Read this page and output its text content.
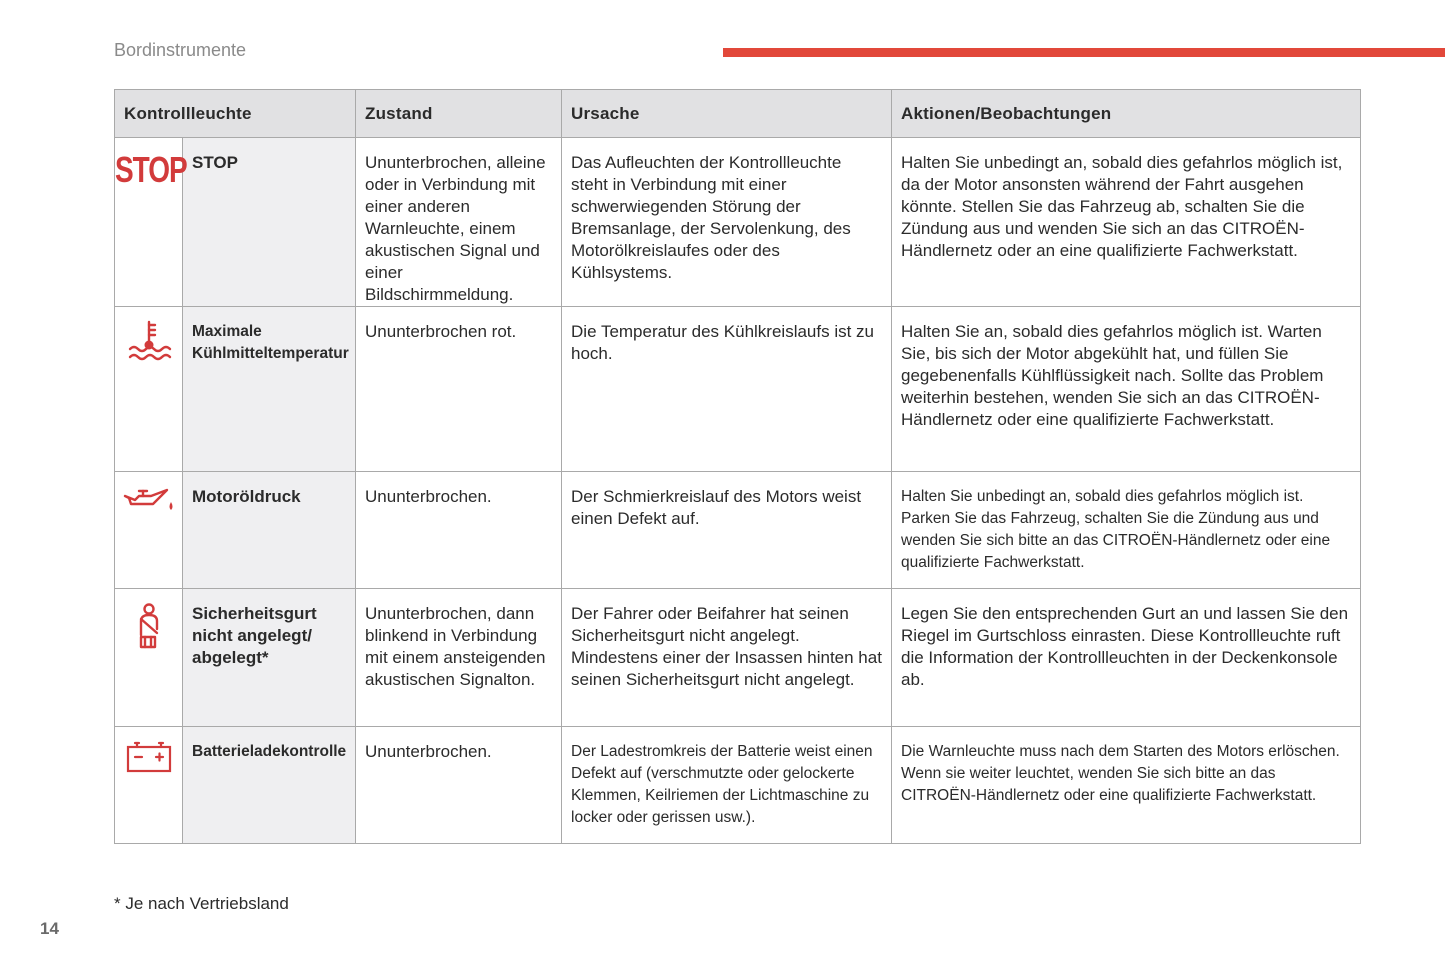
Bordinstrumente
Kontrollleuchte		Zustand	Ursache	Aktionen/Beobachtungen
STOP	STOP	Ununterbrochen, alleine oder in Verbindung mit einer anderen Warnleuchte, einem akustischen Signal und einer Bildschirmmeldung.	Das Aufleuchten der Kontrollleuchte steht in Verbindung mit einer schwerwiegenden Störung der Bremsanlage, der Servolenkung, des Motorölkreislaufes oder des Kühlsystems.	Halten Sie unbedingt an, sobald dies gefahrlos möglich ist, da der Motor ansonsten während der Fahrt ausgehen könnte. Stellen Sie das Fahrzeug ab, schalten Sie die Zündung aus und wenden Sie sich an das CITROËN-Händlernetz oder an eine qualifizierte Fachwerkstatt.
	Maximale Kühlmitteltemperatur	Ununterbrochen rot.	Die Temperatur des Kühlkreislaufs ist zu hoch.	Halten Sie an, sobald dies gefahrlos möglich ist. Warten Sie, bis sich der Motor abgekühlt hat, und füllen Sie gegebenenfalls Kühlflüssigkeit nach. Sollte das Problem weiterhin bestehen, wenden Sie sich an das CITROËN-Händlernetz oder eine qualifizierte Fachwerkstatt.
	Motoröldruck	Ununterbrochen.	Der Schmierkreislauf des Motors weist einen Defekt auf.	Halten Sie unbedingt an, sobald dies gefahrlos möglich ist. Parken Sie das Fahrzeug, schalten Sie die Zündung aus und wenden Sie sich bitte an das CITROËN-Händlernetz oder eine qualifizierte Fachwerkstatt.
	Sicherheitsgurt nicht angelegt/ abgelegt*	Ununterbrochen, dann blinkend in Verbindung mit einem ansteigenden akustischen Signalton.	Der Fahrer oder Beifahrer hat seinen Sicherheitsgurt nicht angelegt. Mindestens einer der Insassen hinten hat seinen Sicherheitsgurt nicht angelegt.	Legen Sie den entsprechenden Gurt an und lassen Sie den Riegel im Gurtschloss einrasten. Diese Kontrollleuchte ruft die Information der Kontrollleuchten in der Deckenkonsole ab.
	Batterieladekontrolle	Ununterbrochen.	Der Ladestromkreis der Batterie weist einen Defekt auf (verschmutzte oder gelockerte Klemmen, Keilriemen der Lichtmaschine zu locker oder gerissen usw.).	Die Warnleuchte muss nach dem Starten des Motors erlöschen. Wenn sie weiter leuchtet, wenden Sie sich bitte an das CITROËN-Händlernetz oder eine qualifizierte Fachwerkstatt.
* Je nach Vertriebsland
14
